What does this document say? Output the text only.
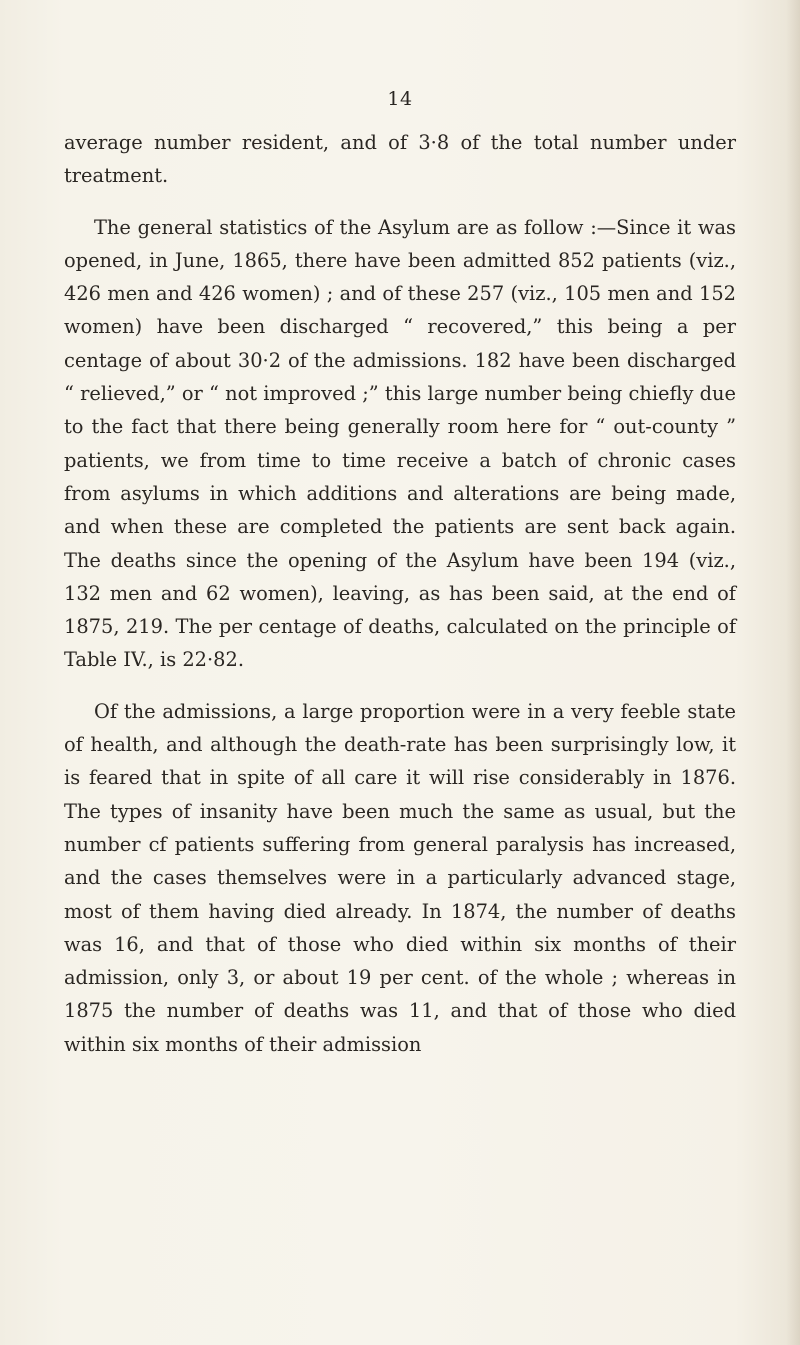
14

average number resident, and of 3·8 of the total number under treatment.

The general statistics of the Asylum are as follow :—Since it was opened, in June, 1865, there have been admitted 852 patients (viz., 426 men and 426 women) ; and of these 257 (viz., 105 men and 152 women) have been discharged “ recovered,” this being a per centage of about 30·2 of the admissions. 182 have been discharged “ relieved,” or “ not improved ;” this large number being chiefly due to the fact that there being generally room here for “ out-county ” patients, we from time to time receive a batch of chronic cases from asylums in which additions and alterations are being made, and when these are completed the patients are sent back again. The deaths since the opening of the Asylum have been 194 (viz., 132 men and 62 women), leaving, as has been said, at the end of 1875, 219. The per centage of deaths, calculated on the principle of Table IV., is 22·82.

Of the admissions, a large proportion were in a very feeble state of health, and although the death-rate has been surprisingly low, it is feared that in spite of all care it will rise considerably in 1876. The types of insanity have been much the same as usual, but the number cf patients suffering from general paralysis has increased, and the cases themselves were in a particularly advanced stage, most of them having died already. In 1874, the number of deaths was 16, and that of those who died within six months of their admission, only 3, or about 19 per cent. of the whole ; whereas in 1875 the number of deaths was 11, and that of those who died within six months of their admission
